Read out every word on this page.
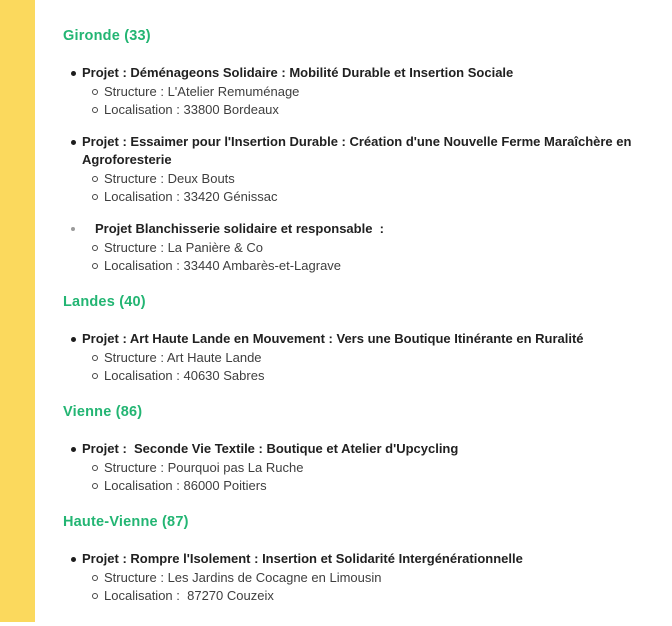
Gironde (33)
Projet : Déménageons Solidaire : Mobilité Durable et Insertion Sociale
Structure : L'Atelier Remuménage
Localisation : 33800 Bordeaux
Projet : Essaimer pour l'Insertion Durable : Création d'une Nouvelle Ferme Maraîchère en Agroforesterie
Structure : Deux Bouts
Localisation : 33420 Génissac
Projet Blanchisserie solidaire et responsable  :
Structure : La Panière & Co
Localisation : 33440 Ambarès-et-Lagrave
Landes (40)
Projet : Art Haute Lande en Mouvement : Vers une Boutique Itinérante en Ruralité
Structure : Art Haute Lande
Localisation : 40630 Sabres
Vienne (86)
Projet :  Seconde Vie Textile : Boutique et Atelier d'Upcycling
Structure : Pourquoi pas La Ruche
Localisation : 86000 Poitiers
Haute-Vienne (87)
Projet : Rompre l'Isolement : Insertion et Solidarité Intergénérationnelle
Structure : Les Jardins de Cocagne en Limousin
Localisation :  87270 Couzeix
